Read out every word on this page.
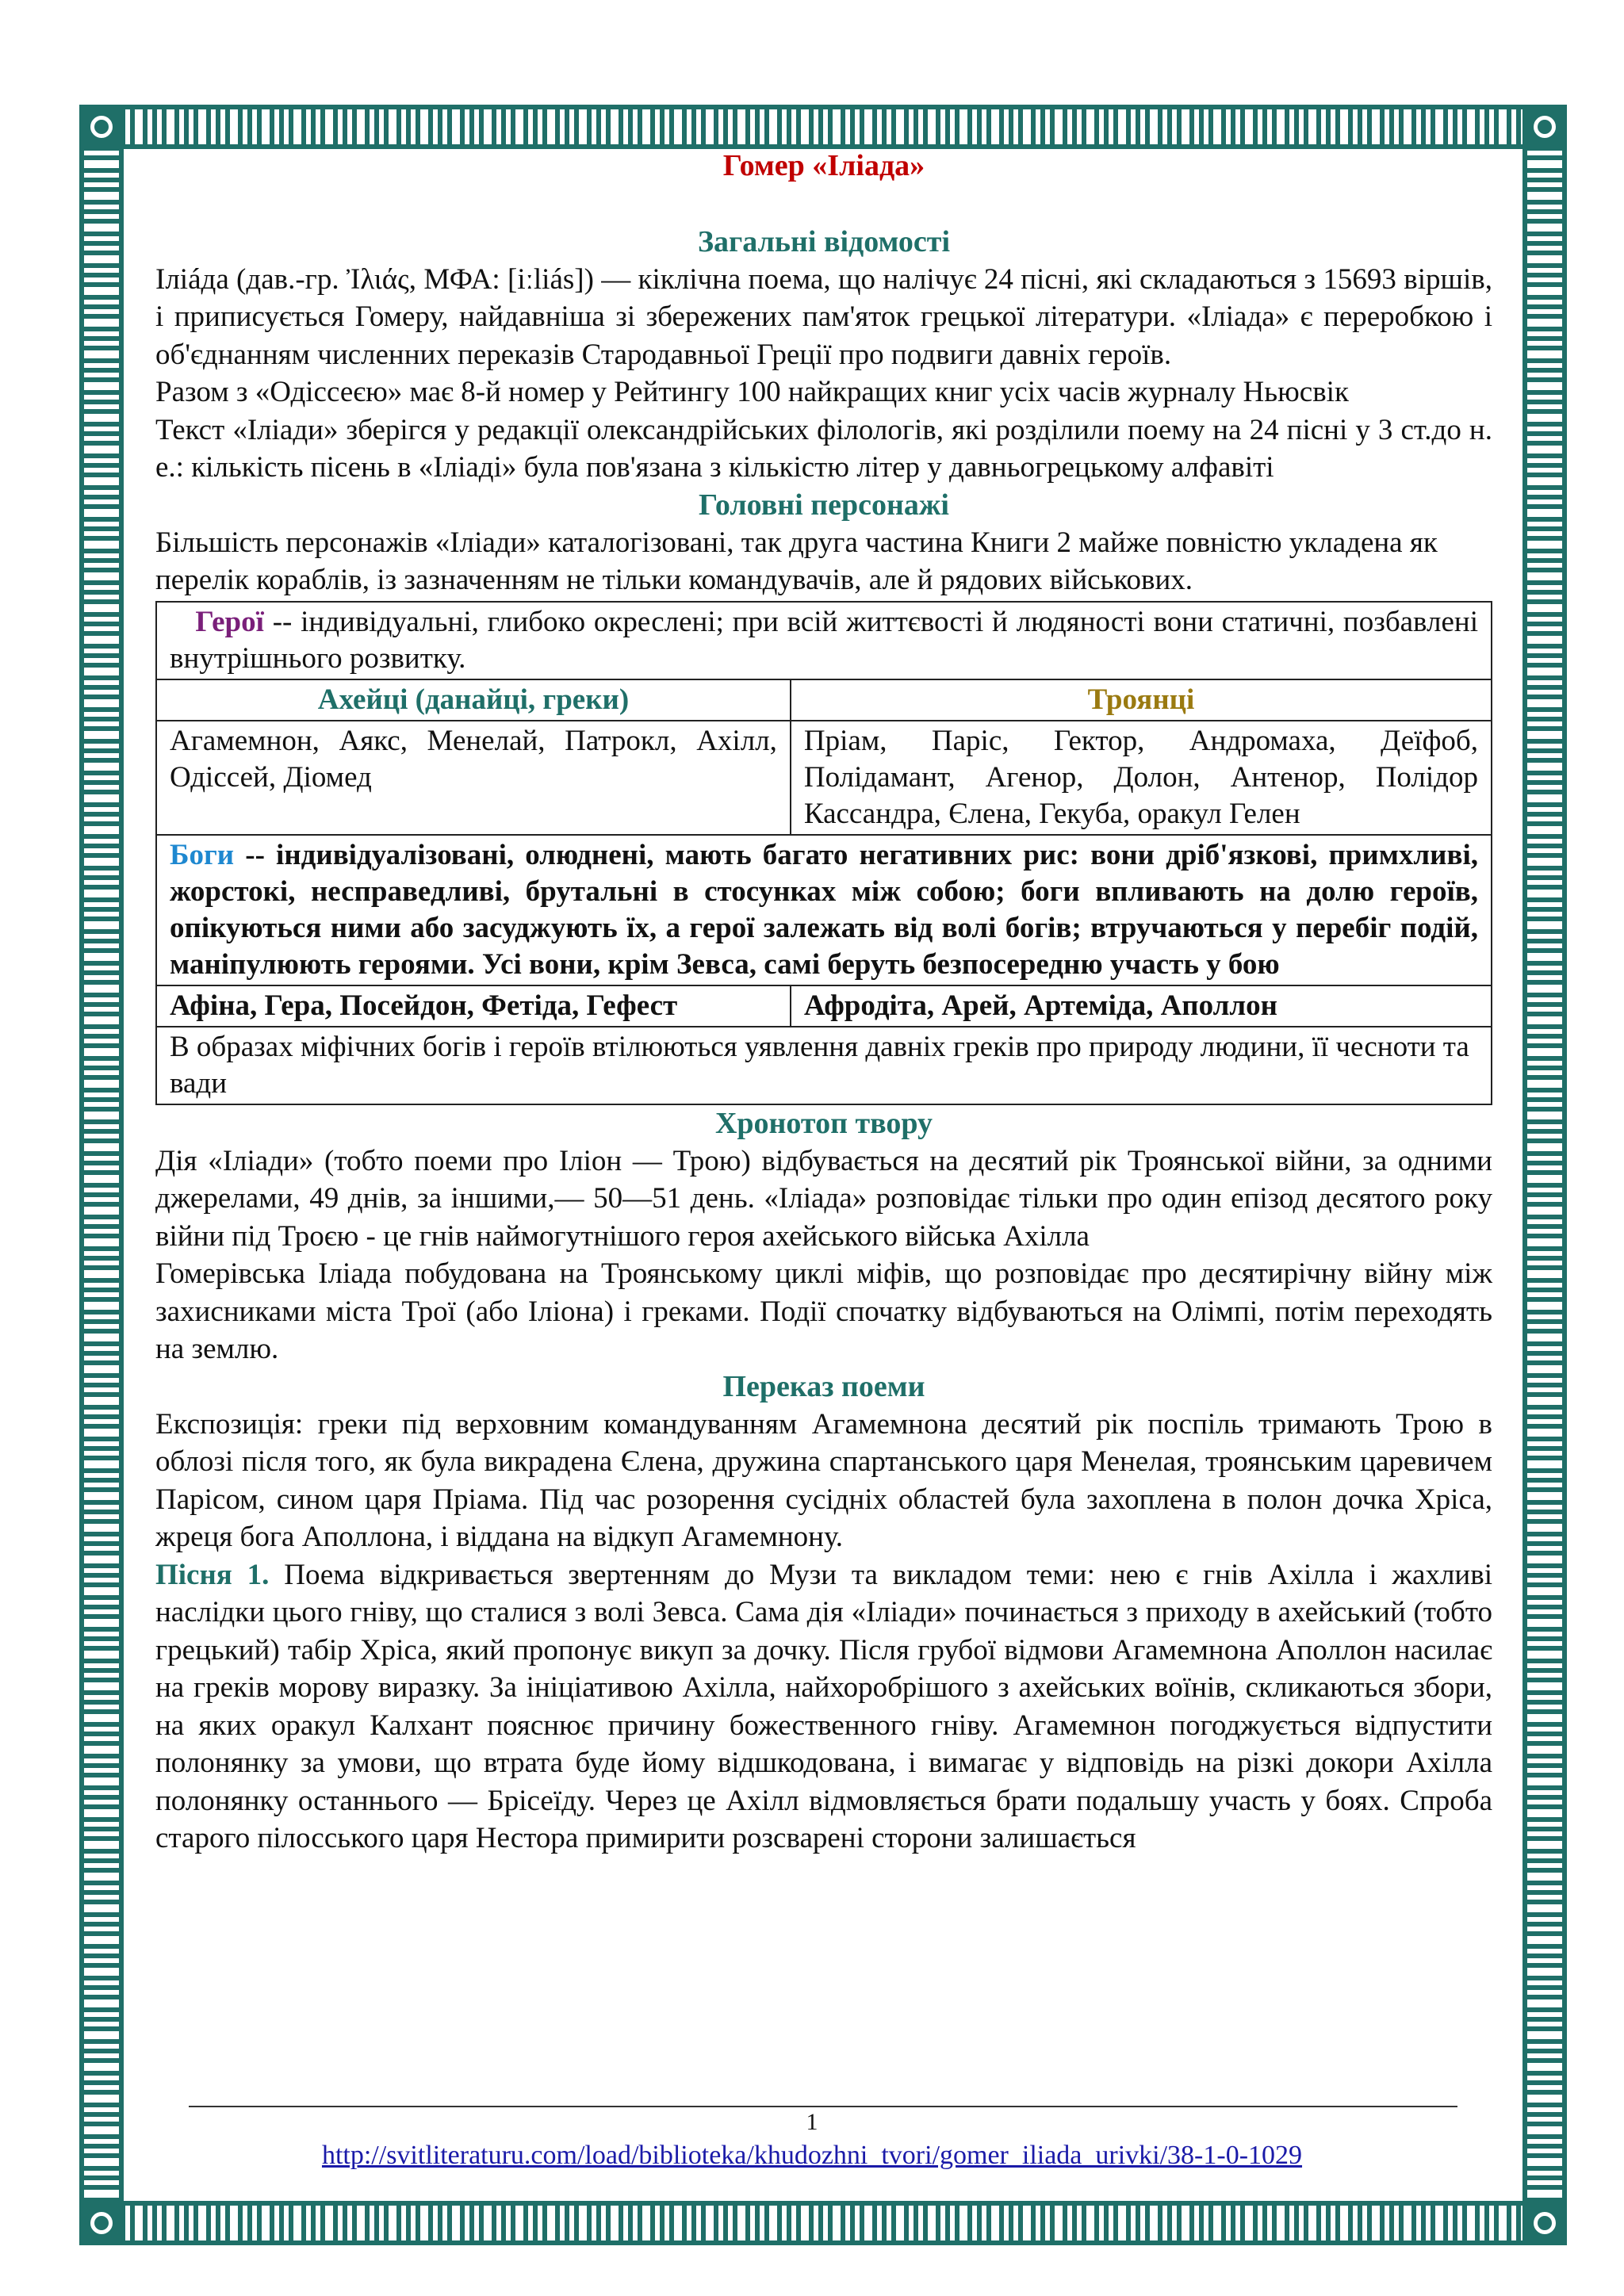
Гомер «Іліада»
Загальні відомості

Іліáда (дав.-гр. Ἰλιάς, МФА: [iːliás]) — кіклічна поема, що налічує 24 пісні, які складаються з 15693 віршів, і приписується Гомеру, найдавніша зі збережених пам'яток грецької літератури. «Іліада» є переробкою і об'єднанням численних переказів Стародавньої Греції про подвиги давніх героїв.

Разом з «Одіссеєю» має 8-й номер у Рейтингу 100 найкращих книг усіх часів журналу Ньюсвік

Текст «Іліади» зберігся у редакції олександрійських філологів, які розділили поему на 24 пісні у 3 ст.до н. е.: кількість пісень в «Іліаді» була пов'язана з кількістю літер у давньогрецькому алфавіті

Головні персонажі

Більшість персонажів «Іліади» каталогізовані, так друга частина Книги 2 майже повністю укладена як перелік кораблів, із зазначенням не тільки командувачів, але й рядових військових.

Герої -- індивідуальні, глибоко окреслені; при всій життєвості й людяності вони статичні, позбавлені внутрішнього розвитку.	
Ахейці (данайці, греки)	Троянці
Агамемнон, Аякс, Менелай, Патрокл, Ахілл, Одіссей, Діомед	Пріам, Паріс, Гектор, Андромаха, Деїфоб, Полідамант, Агенор, Долон, Антенор, Полідор Кассандра, Єлена, Гекуба, оракул Гелен
Боги -- індивідуалізовані, олюднені, мають багато негативних рис: вони дріб'язкові, примхливі, жорстокі, несправедливі, брутальні в стосунках між собою; боги впливають на долю героїв, опікуються ними або засуджують їх, а герої залежать від волі богів; втручаються у перебіг подій, маніпулюють героями. Усі вони, крім Зевса, самі беруть безпосередню участь у бою	
Афіна, Гера, Посейдон, Фетіда, Гефест	Афродіта, Арей, Артеміда, Аполлон
В образах міфічних богів і героїв втілюються уявлення давніх греків про природу людини, її чесноти та вади	
Хронотоп твору

Дія «Іліади» (тобто поеми про Іліон — Трою) відбувається на десятий рік Троянської війни, за одними джерелами, 49 днів, за іншими,— 50—51 день. «Іліада» розповідає тільки про один епізод десятого року війни під Троєю - це гнів наймогутнішого героя ахейського війська Ахілла

Гомерівська Іліада побудована на Троянському циклі міфів, що розповідає про десятирічну війну між захисниками міста Трої (або Іліона) і греками. Події спочатку відбуваються на Олімпі, потім переходять на землю.

Переказ поеми

Експозиція: греки під верховним командуванням Агамемнона десятий рік поспіль тримають Трою в облозі після того, як була викрадена Єлена, дружина спартанського царя Менелая, троянським царевичем Парісом, сином царя Пріама. Під час розорення сусідніх областей була захоплена в полон дочка Хріса, жреця бога Аполлона, і віддана на відкуп Агамемнону.

Пісня 1. Поема відкривається звертенням до Музи та викладом теми: нею є гнів Ахілла і жахливі наслідки цього гніву, що сталися з волі Зевса. Сама дія «Іліади» починається з приходу в ахейський (тобто грецький) табір Хріса, який пропонує викуп за дочку. Після грубої відмови Агамемнона Аполлон насилає на греків морову виразку. За ініціативою Ахілла, найхоробрішого з ахейських воїнів, скликаються збори, на яких оракул Калхант пояснює причину божественного гніву. Агамемнон погоджується відпустити полонянку за умови, що втрата буде йому відшкодована, і вимагає у відповідь на різкі докори Ахілла полонянку останнього — Брісеїду. Через це Ахілл відмовляється брати подальшу участь у боях. Спроба старого пілосського царя Нестора примирити розсварені сторони залишається

1
http://svitliteraturu.com/load/biblioteka/khudozhni_tvori/gomer_iliada_urivki/38-1-0-1029
